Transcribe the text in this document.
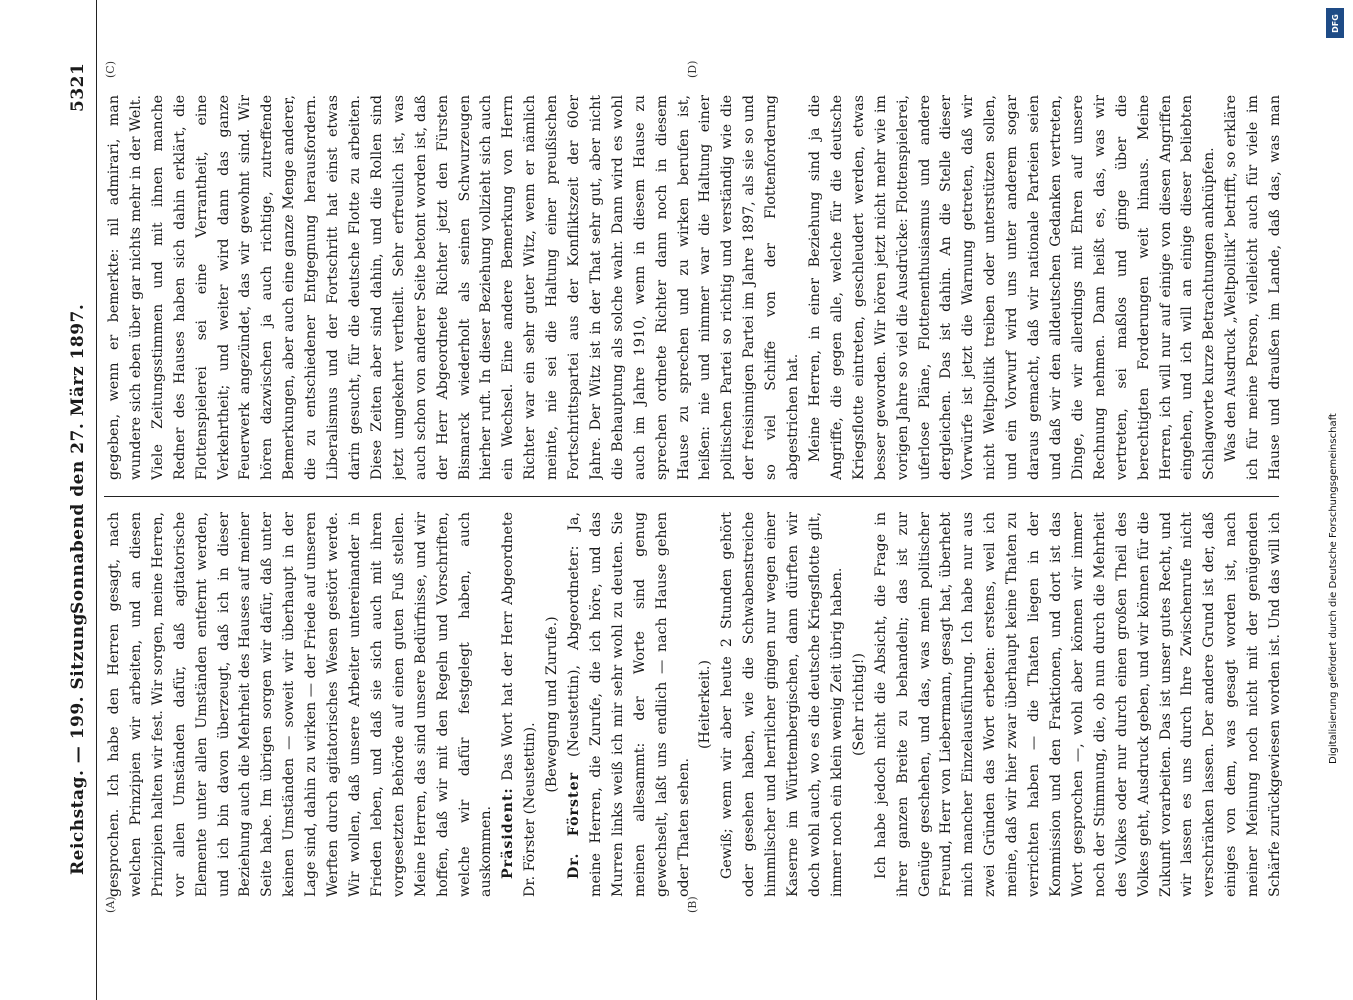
Reichstag. — 199. Sitzung.
Sonnabend den 27. März 1897.
5321
(A)	(B)
(C)	(D)

gesprochen. Ich habe den Herren gesagt, nach welchen Prinzipien wir arbeiten, und an diesen Prinzipien halten wir fest. Wir sorgen, meine Herren, vor allen Umständen dafür, daß agitatorische Elemente unter allen Umständen entfernt werden, und ich bin davon überzeugt, daß ich in dieser Beziehung auch die Mehrheit des Hauses auf meiner Seite habe. Im übrigen sorgen wir dafür, daß unter keinen Umständen — soweit wir überhaupt in der Lage sind, dahin zu wirken — der Friede auf unseren Werften durch agitatorisches Wesen gestört werde. Wir wollen, daß unsere Arbeiter untereinander in Frieden leben, und daß sie sich auch mit ihren vorgesetzten Behörde auf einen guten Fuß stellen. Meine Herren, das sind unsere Bedürfnisse, und wir hoffen, daß wir mit den Regeln und Vorschriften, welche wir dafür festgelegt haben, auch auskommen. Präsident: Das Wort hat der Herr Abgeordnete Dr. Förster (Neustettin).

(Bewegung und Zurufe.)

Dr. Förster (Neustettin), Abgeordneter: Ja, meine Herren, die Zurufe, die ich höre, und das Murren links weiß ich mir sehr wohl zu deuten. Sie meinen allesammt: der Worte sind genug gewechselt, laßt uns endlich — nach Hause gehen oder Thaten sehen.

(Heiterkeit.) Gewiß; wenn wir aber heute 2 Stunden gehört oder gesehen haben, wie die Schwabenstreiche himmlischer und herrlicher gingen nur wegen einer Kaserne im Württembergischen, dann dürften wir doch wohl auch, wo es die deutsche Kriegsflotte gilt, immer noch ein klein wenig Zeit übrig haben. (Sehr richtig!)

Ich habe jedoch nicht die Absicht, die Frage in ihrer ganzen Breite zu behandeln; das ist zur Genüge geschehen, und das, was mein politischer Freund, Herr von Liebermann, gesagt hat, überhebt mich mancher Einzelausführung. Ich habe nur aus zwei Gründen das Wort erbeten: erstens, weil ich meine, daß wir hier zwar überhaupt keine Thaten zu verrichten haben — die Thaten liegen in der Kommission und den Fraktionen, und dort ist das Wort gesprochen —, wohl aber können wir immer noch der Stimmung, die, ob nun durch die Mehrheit des Volkes oder nur durch einen großen Theil des Volkes geht, Ausdruck geben, und wir können für die Zukunft vorarbeiten. Das ist unser gutes Recht, und wir lassen es uns durch Ihre Zwischenrufe nicht verschränken lassen. Der andere Grund ist der, daß einiges von dem, was gesagt worden ist, nach meiner Meinung noch nicht mit der genügenden Schärfe zurückgewiesen worden ist. Und das will ich

gegeben, wenn er bemerkte: nil admirari, man wundere sich eben über gar nichts mehr in der Welt. Viele Zeitungsstimmen und mit ihnen manche Redner des Hauses haben sich dahin erklärt, die Flottenspielerei sei eine Verrantheit, eine Verkehrtheit; und weiter wird dann das ganze Feuerwerk angezündet, das wir gewohnt sind. Wir hören dazwischen ja auch richtige, zutreffende Bemerkungen, aber auch eine ganze Menge anderer, die zu entschiedener Entgegnung herausfordern. Liberalismus und der Fortschritt hat einst etwas darin gesucht, für die deutsche Flotte zu arbeiten. Diese Zeiten aber sind dahin, und die Rollen sind jetzt umgekehrt vertheilt. Sehr erfreulich ist, was auch schon von anderer Seite betont worden ist, daß der Herr Abgeordnete Richter jetzt den Fürsten Bismarck wiederholt als seinen Schwurzeugen hierher ruft. In dieser Beziehung vollzieht sich auch ein Wechsel. Eine andere Bemerkung von Herrn Richter war ein sehr guter Witz, wenn er nämlich meinte, nie sei die Haltung einer preußischen Fortschrittspartei aus der Konfliktszeit der 60er Jahre. Der Witz ist in der That sehr gut, aber nicht die Behauptung als solche wahr. Dann wird es wohl auch im Jahre 1910, wenn in diesem Hause zu sprechen ordnete Richter dann noch in diesem Hause zu sprechen und zu wirken berufen ist, heißen: nie und nimmer war die Haltung einer politischen Partei so richtig und verständig wie die der freisinnigen Partei im Jahre 1897, als sie so und so viel Schiffe von der Flottenforderung abgestrichen hat. Meine Herren, in einer Beziehung sind ja die Angriffe, die gegen alle, welche für die deutsche Kriegsflotte eintreten, geschleudert werden, etwas besser geworden. Wir hören jetzt nicht mehr wie im vorigen Jahre so viel die Ausdrücke: Flottenspielerei, uferlose Pläne, Flottenenthusiasmus und andere dergleichen. Das ist dahin. An die Stelle dieser Vorwürfe ist jetzt die Warnung getreten, daß wir nicht Weltpolitik treiben oder unterstützen sollen, und ein Vorwurf wird uns unter anderem sogar daraus gemacht, daß wir nationale Parteien seien und daß wir den alldeutschen Gedanken vertreten, Dinge, die wir allerdings mit Ehren auf unsere Rechnung nehmen. Dann heißt es, das, was wir vertreten, sei maßlos und ginge über die berechtigten Forderungen weit hinaus. Meine Herren, ich will nur auf einige von diesen Angriffen eingehen, und ich will an einige dieser beliebten Schlagworte kurze Betrachtungen anknüpfen. Was den Ausdruck „Weltpolitik“ betrifft, so erkläre ich für meine Person, vielleicht auch für viele im Hause und draußen im Lande, daß das, was man

DFG
Digitalisierung gefördert durch die Deutsche Forschungsgemeinschaft
